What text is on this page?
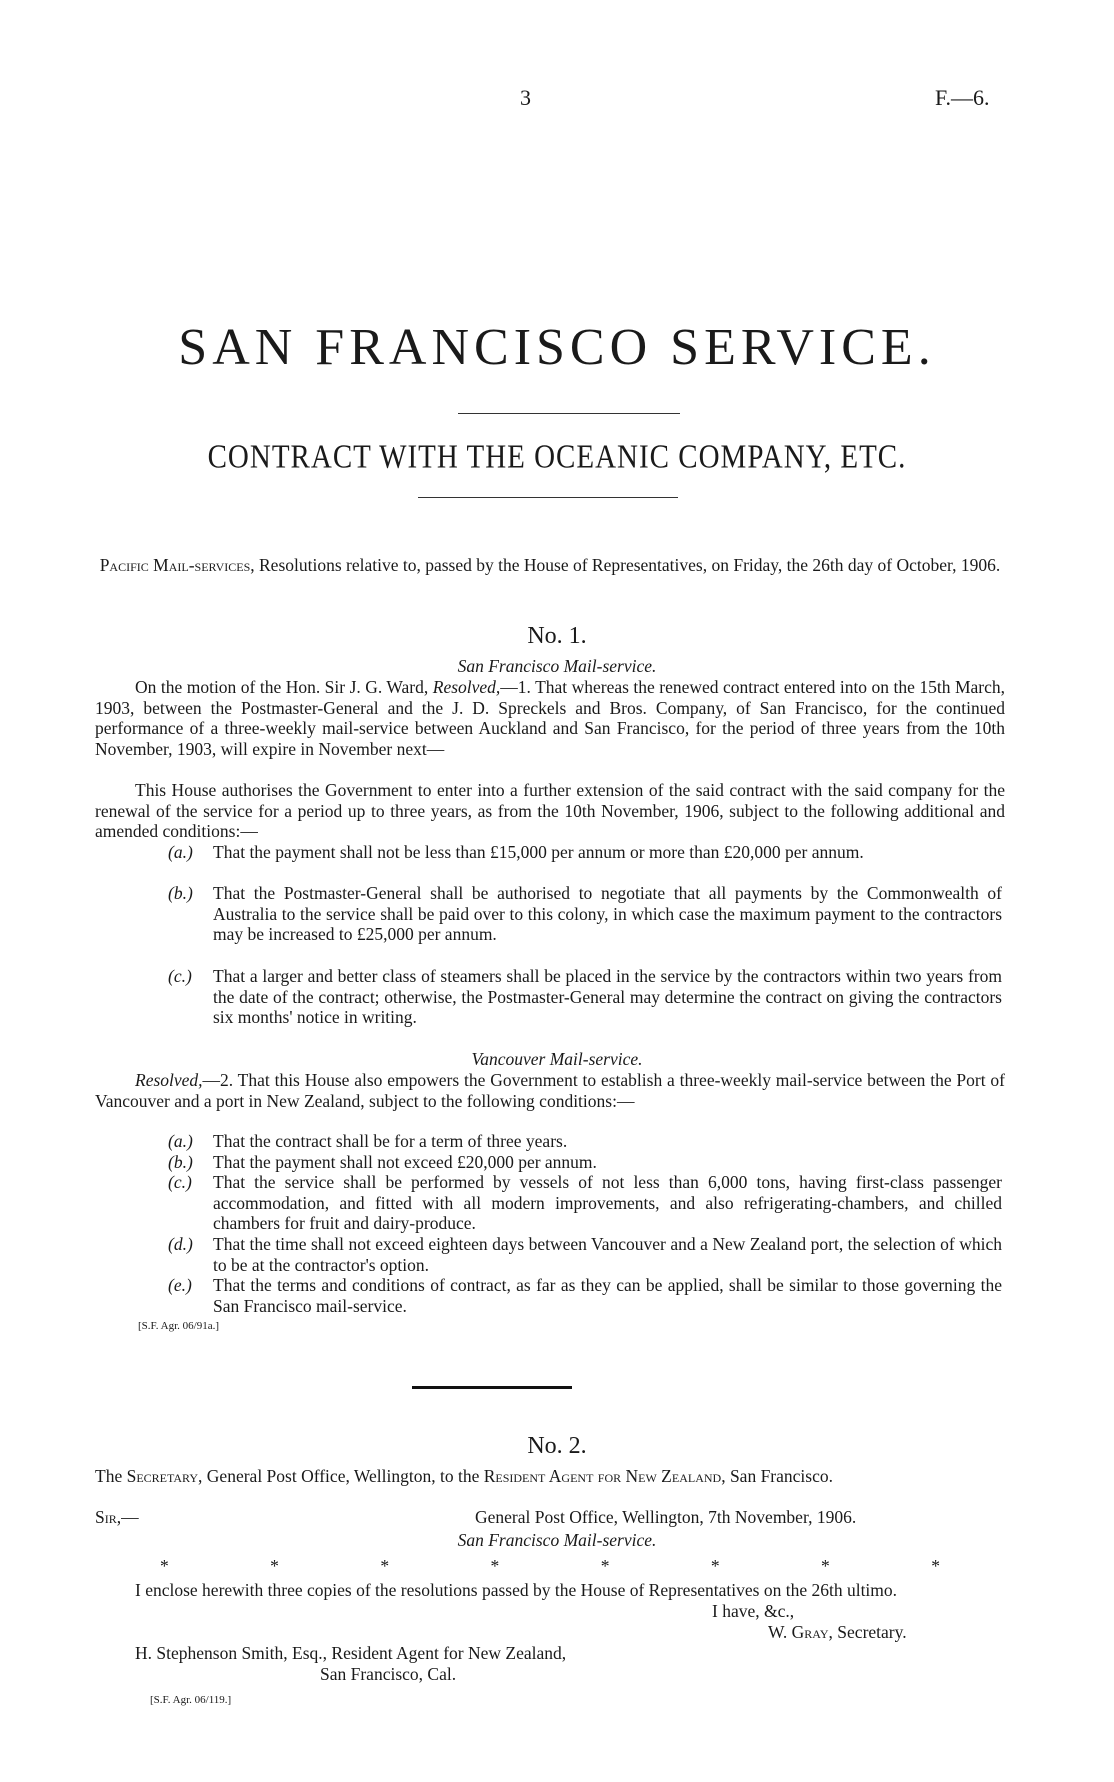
3	F.—6.
SAN FRANCISCO SERVICE.
CONTRACT WITH THE OCEANIC COMPANY, ETC.
Pacific Mail-services, Resolutions relative to, passed by the House of Representatives, on Friday, the 26th day of October, 1906.
No. 1.
San Francisco Mail-service.
On the motion of the Hon. Sir J. G. Ward, Resolved,—1. That whereas the renewed contract entered into on the 15th March, 1903, between the Postmaster-General and the J. D. Spreckels and Bros. Company, of San Francisco, for the continued performance of a three-weekly mail-service between Auckland and San Francisco, for the period of three years from the 10th November, 1903, will expire in November next—
This House authorises the Government to enter into a further extension of the said contract with the said company for the renewal of the service for a period up to three years, as from the 10th November, 1906, subject to the following additional and amended conditions:—
(a.) That the payment shall not be less than £15,000 per annum or more than £20,000 per annum.
(b.) That the Postmaster-General shall be authorised to negotiate that all payments by the Commonwealth of Australia to the service shall be paid over to this colony, in which case the maximum payment to the contractors may be increased to £25,000 per annum.
(c.) That a larger and better class of steamers shall be placed in the service by the contractors within two years from the date of the contract; otherwise, the Postmaster-General may determine the contract on giving the contractors six months' notice in writing.
Vancouver Mail-service.
Resolved,—2. That this House also empowers the Government to establish a three-weekly mail-service between the Port of Vancouver and a port in New Zealand, subject to the following conditions:—
(a.) That the contract shall be for a term of three years.
(b.) That the payment shall not exceed £20,000 per annum.
(c.) That the service shall be performed by vessels of not less than 6,000 tons, having first-class passenger accommodation, and fitted with all modern improvements, and also refrigerating-chambers, and chilled chambers for fruit and dairy-produce.
(d.) That the time shall not exceed eighteen days between Vancouver and a New Zealand port, the selection of which to be at the contractor's option.
(e.) That the terms and conditions of contract, as far as they can be applied, shall be similar to those governing the San Francisco mail-service.
[S.F. Agr. 06/91a.]
No. 2.
The Secretary, General Post Office, Wellington, to the Resident Agent for New Zealand, San Francisco.
Sir,—	General Post Office, Wellington, 7th November, 1906.
San Francisco Mail-service.
*	*	*	*	*	*	*	*
I enclose herewith three copies of the resolutions passed by the House of Representatives on the 26th ultimo.
I have, &c.,
W. Gray, Secretary.
H. Stephenson Smith, Esq., Resident Agent for New Zealand,
San Francisco, Cal.
[S.F. Agr. 06/119.]
